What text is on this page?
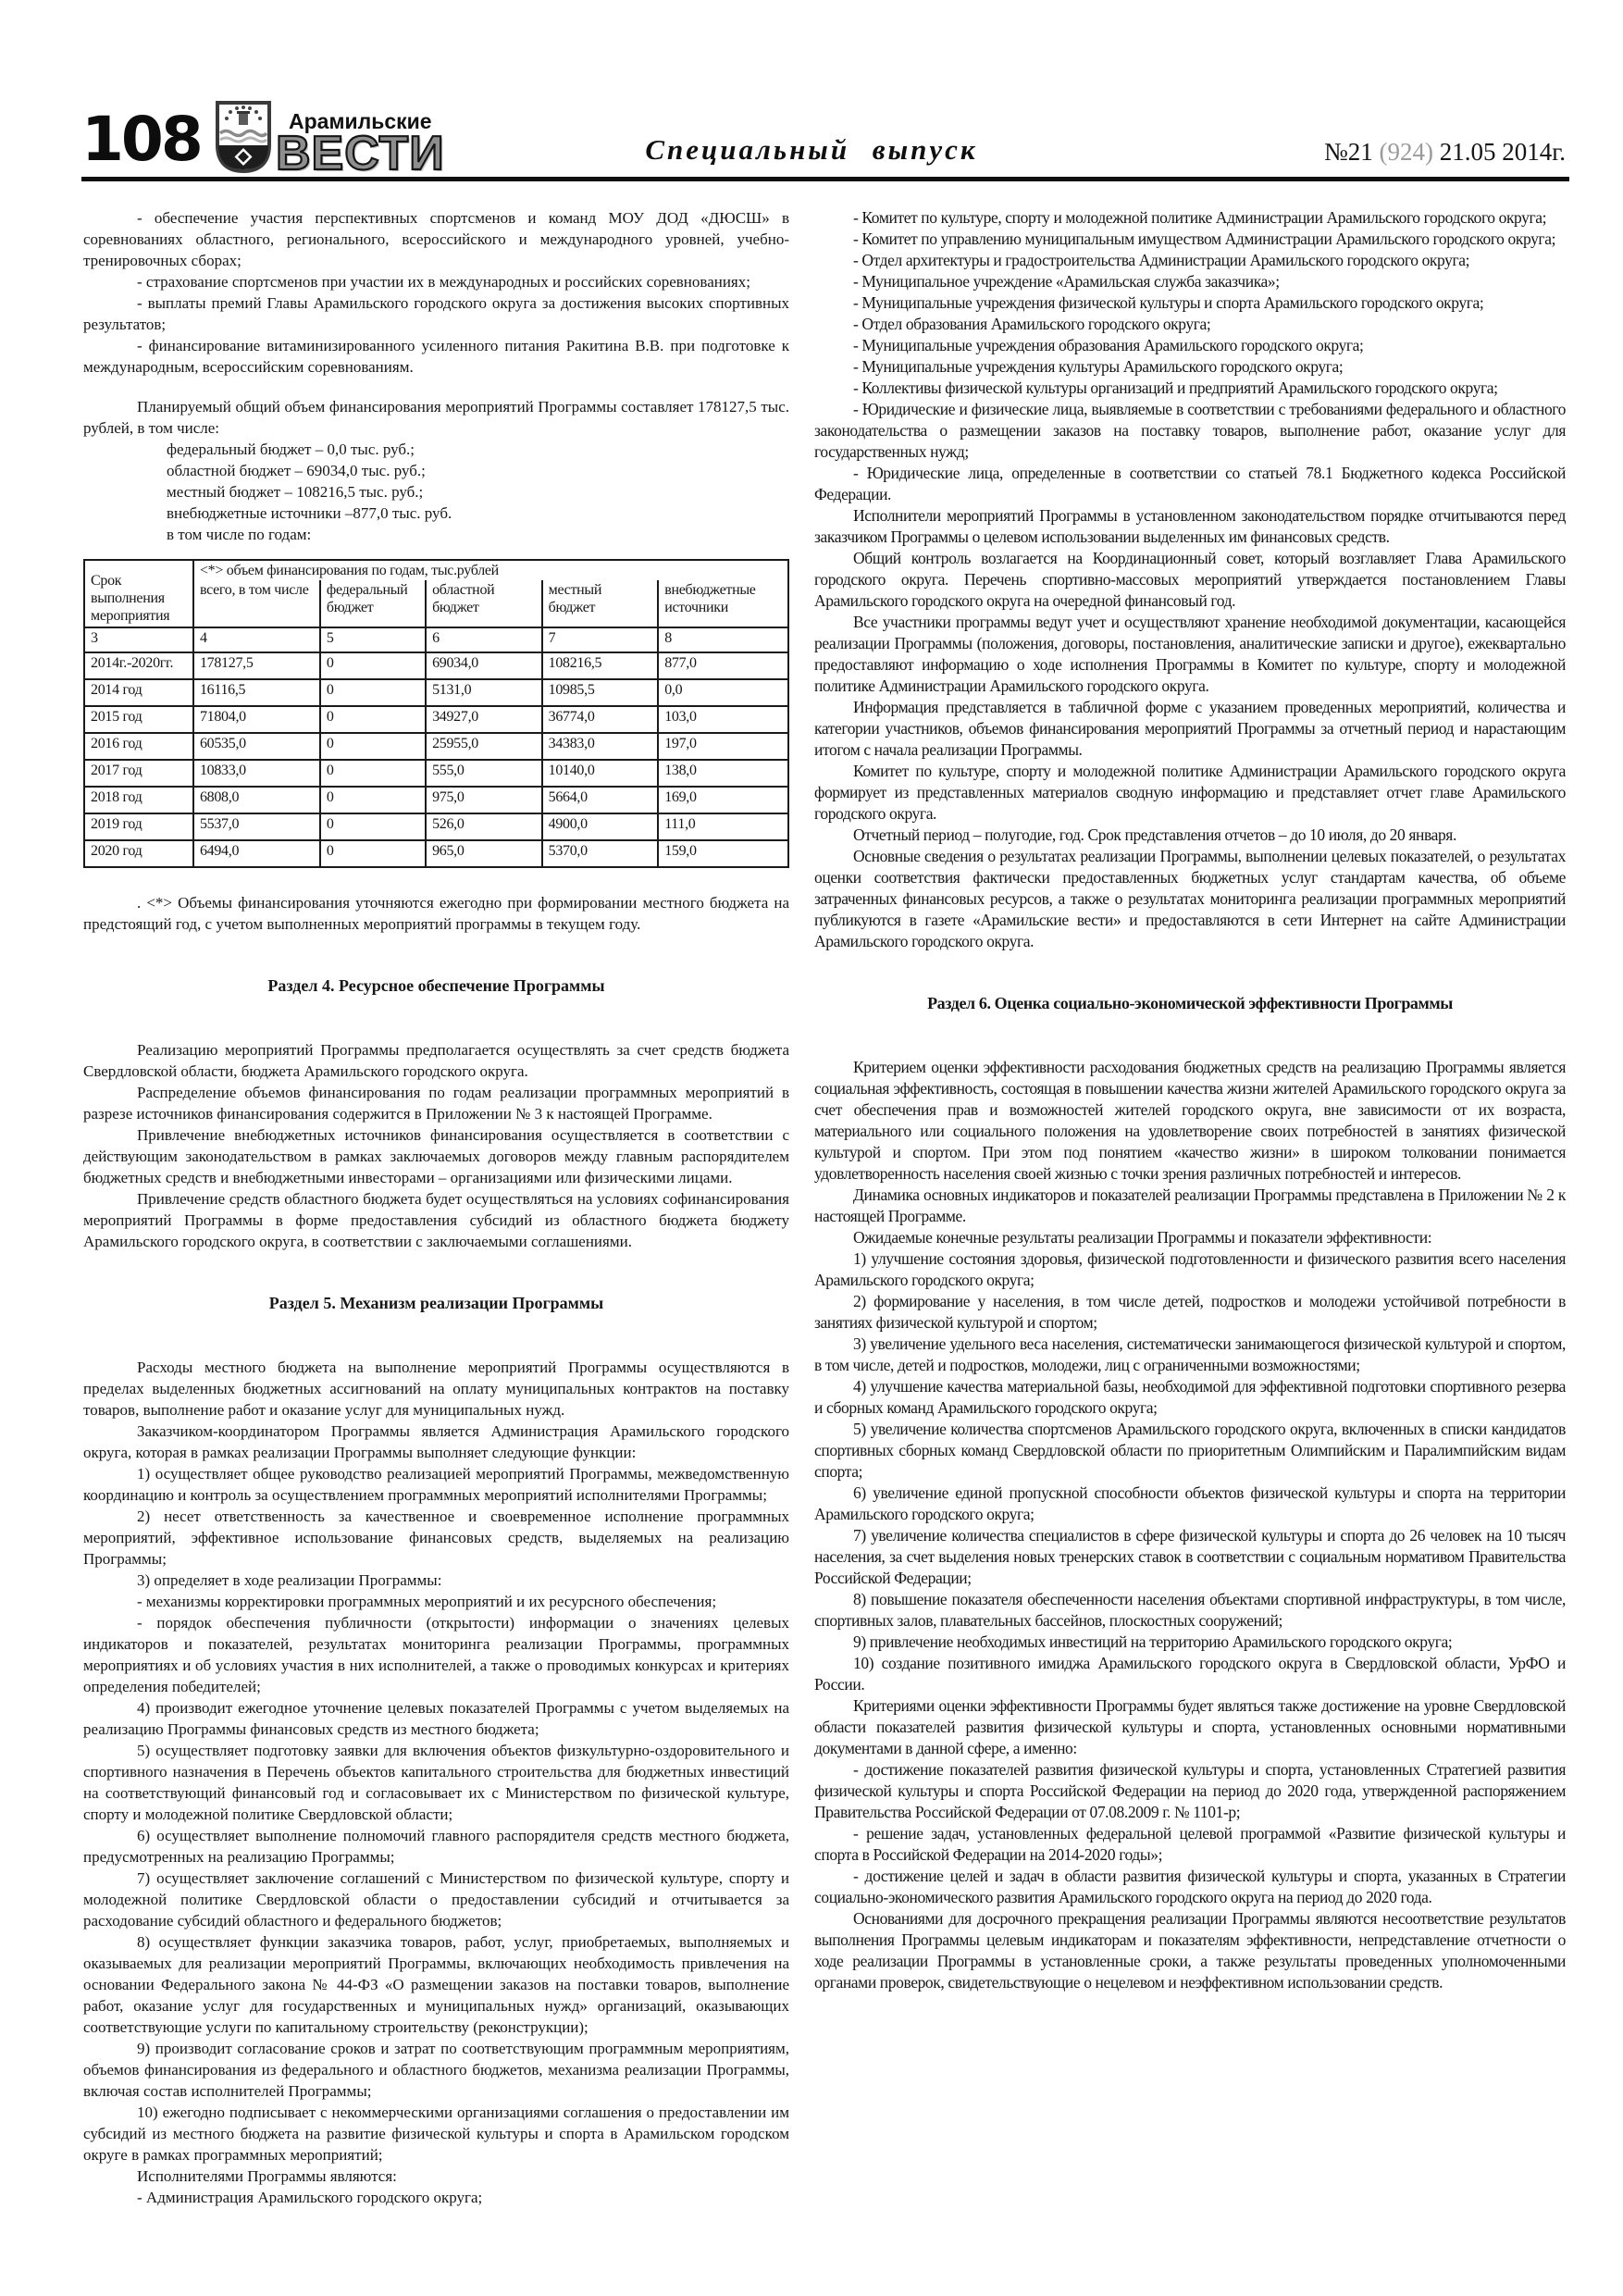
108	Арамильские
ВЕСТИ	Специальный выпуск	№21 (924) 21.05 2014г.

- обеспечение участия перспективных спортсменов и команд МОУ ДОД «ДЮСШ» в соревнованиях областного, регионального, всероссийского и международного уровней, учебно-тренировочных сборах;

- страхование спортсменов при участии их в международных и российских соревнованиях;

- выплаты премий Главы Арамильского городского округа за достижения высоких спортивных результатов;

- финансирование витаминизированного усиленного питания Ракитина В.В. при подготовке к международным, всероссийским соревнованиям.

Планируемый общий объем финансирования мероприятий Программы составляет 178127,5 тыс. рублей, в том числе:

федеральный бюджет – 0,0 тыс. руб.;

областной бюджет – 69034,0 тыс. руб.;

местный бюджет – 108216,5 тыс. руб.;

внебюджетные источники –877,0 тыс. руб.

в том числе по годам:

Срок выполнения мероприятия	<*> объем финансирования по годам, тыс.рублей				
	всего, в том числе	федеральный бюджет	областной бюджет	местный бюджет	внебюджетные источники
3	4	5	6	7	8
2014г.-2020гг.	178127,5	0	69034,0	108216,5	877,0
2014 год	16116,5	0	5131,0	10985,5	0,0
2015 год	71804,0	0	34927,0	36774,0	103,0
2016 год	60535,0	0	25955,0	34383,0	197,0
2017 год	10833,0	0	555,0	10140,0	138,0
2018 год	6808,0	0	975,0	5664,0	169,0
2019 год	5537,0	0	526,0	4900,0	111,0
2020 год	6494,0	0	965,0	5370,0	159,0

. <*> Объемы финансирования уточняются ежегодно при формировании местного бюджета на предстоящий год, с учетом выполненных мероприятий программы в текущем году.

Раздел 4. Ресурсное обеспечение Программы

Реализацию мероприятий Программы предполагается осуществлять за счет средств бюджета Свердловской области, бюджета Арамильского городского округа.

Распределение объемов финансирования по годам реализации программных мероприятий в разрезе источников финансирования содержится в Приложении № 3 к настоящей Программе.

Привлечение внебюджетных источников финансирования осуществляется в соответствии с действующим законодательством в рамках заключаемых договоров между главным распорядителем бюджетных средств и внебюджетными инвесторами – организациями или физическими лицами.

Привлечение средств областного бюджета будет осуществляться на условиях софинансирования мероприятий Программы в форме предоставления субсидий из областного бюджета бюджету Арамильского городского округа, в соответствии с заключаемыми соглашениями.

Раздел 5. Механизм реализации Программы

Расходы местного бюджета на выполнение мероприятий Программы осуществляются в пределах выделенных бюджетных ассигнований на оплату муниципальных контрактов на поставку товаров, выполнение работ и оказание услуг для муниципальных нужд.

Заказчиком-координатором Программы является Администрация Арамильского городского округа, которая в рамках реализации Программы выполняет следующие функции:

1) осуществляет общее руководство реализацией мероприятий Программы, межведомственную координацию и контроль за осуществлением программных мероприятий исполнителями Программы;

2) несет ответственность за качественное и своевременное исполнение программных мероприятий, эффективное использование финансовых средств, выделяемых на реализацию Программы;

3) определяет в ходе реализации Программы:

- механизмы корректировки программных мероприятий и их ресурсного обеспечения;

- порядок обеспечения публичности (открытости) информации о значениях целевых индикаторов и показателей, результатах мониторинга реализации Программы, программных мероприятиях и об условиях участия в них исполнителей, а также о проводимых конкурсах и критериях определения победителей;

4) производит ежегодное уточнение целевых показателей Программы с учетом выделяемых на реализацию Программы финансовых средств из местного бюджета;

5) осуществляет подготовку заявки для включения объектов физкультурно-оздоровительного и спортивного назначения в Перечень объектов капитального строительства для бюджетных инвестиций на соответствующий финансовый год и согласовывает их с Министерством по физической культуре, спорту и молодежной политике Свердловской области;

6) осуществляет выполнение полномочий главного распорядителя средств местного бюджета, предусмотренных на реализацию Программы;

7) осуществляет заключение соглашений с Министерством по физической культуре, спорту и молодежной политике Свердловской области о предоставлении субсидий и отчитывается за расходование субсидий областного и федерального бюджетов;

8) осуществляет функции заказчика товаров, работ, услуг, приобретаемых, выполняемых и оказываемых для реализации мероприятий Программы, включающих необходимость привлечения на основании Федерального закона № 44-ФЗ «О размещении заказов на поставки товаров, выполнение работ, оказание услуг для государственных и муниципальных нужд» организаций, оказывающих соответствующие услуги по капитальному строительству (реконструкции);

9) производит согласование сроков и затрат по соответствующим программным мероприятиям, объемов финансирования из федерального и областного бюджетов, механизма реализации Программы, включая состав исполнителей Программы;

10) ежегодно подписывает с некоммерческими организациями соглашения о предоставлении им субсидий из местного бюджета на развитие физической культуры и спорта в Арамильском городском округе в рамках программных мероприятий;

Исполнителями Программы являются:

- Администрация Арамильского городского округа;

- Комитет по культуре, спорту и молодежной политике Администрации Арамильского городского округа;

- Комитет по управлению муниципальным имуществом Администрации Арамильского городского округа;

- Отдел архитектуры и градостроительства Администрации Арамильского городского округа;

- Муниципальное учреждение «Арамильская служба заказчика»;

- Муниципальные учреждения физической культуры и спорта Арамильского городского округа;

- Отдел образования Арамильского городского округа;

- Муниципальные учреждения образования Арамильского городского округа;

- Муниципальные учреждения культуры Арамильского городского округа;

- Коллективы физической культуры организаций и предприятий Арамильского городского округа;

- Юридические и физические лица, выявляемые в соответствии с требованиями федерального и областного законодательства о размещении заказов на поставку товаров, выполнение работ, оказание услуг для государственных нужд;

- Юридические лица, определенные в соответствии со статьей 78.1 Бюджетного кодекса Российской Федерации.

Исполнители мероприятий Программы в установленном законодательством порядке отчитываются перед заказчиком Программы о целевом использовании выделенных им финансовых средств.

Общий контроль возлагается на Координационный совет, который возглавляет Глава Арамильского городского округа. Перечень спортивно-массовых мероприятий утверждается постановлением Главы Арамильского городского округа на очередной финансовый год.

Все участники программы ведут учет и осуществляют хранение необходимой документации, касающейся реализации Программы (положения, договоры, постановления, аналитические записки и другое), ежеквартально предоставляют информацию о ходе исполнения Программы в Комитет по культуре, спорту и молодежной политике Администрации Арамильского городского округа.

Информация представляется в табличной форме с указанием проведенных мероприятий, количества и категории участников, объемов финансирования мероприятий Программы за отчетный период и нарастающим итогом с начала реализации Программы.

Комитет по культуре, спорту и молодежной политике Администрации Арамильского городского округа формирует из представленных материалов сводную информацию и представляет отчет главе Арамильского городского округа.

Отчетный период – полугодие, год. Срок представления отчетов – до 10 июля, до 20 января.

Основные сведения о результатах реализации Программы, выполнении целевых показателей, о результатах оценки соответствия фактически предоставленных бюджетных услуг стандартам качества, об объеме затраченных финансовых ресурсов, а также о результатах мониторинга реализации программных мероприятий публикуются в газете «Арамильские вести» и предоставляются в сети Интернет на сайте Администрации Арамильского городского округа.

Раздел 6. Оценка социально-экономической эффективности Программы

Критерием оценки эффективности расходования бюджетных средств на реализацию Программы является социальная эффективность, состоящая в повышении качества жизни жителей Арамильского городского округа за счет обеспечения прав и возможностей жителей городского округа, вне зависимости от их возраста, материального или социального положения на удовлетворение своих потребностей в занятиях физической культурой и спортом. При этом под понятием «качество жизни» в широком толковании понимается удовлетворенность населения своей жизнью с точки зрения различных потребностей и интересов.

Динамика основных индикаторов и показателей реализации Программы представлена в Приложении № 2 к настоящей Программе.

Ожидаемые конечные результаты реализации Программы и показатели эффективности:

1) улучшение состояния здоровья, физической подготовленности и физического развития всего населения Арамильского городского округа;

2) формирование у населения, в том числе детей, подростков и молодежи устойчивой потребности в занятиях физической культурой и спортом;

3) увеличение удельного веса населения, систематически занимающегося физической культурой и спортом, в том числе, детей и подростков, молодежи, лиц с ограниченными возможностями;

4) улучшение качества материальной базы, необходимой для эффективной подготовки спортивного резерва и сборных команд Арамильского городского округа;

5) увеличение количества спортсменов Арамильского городского округа, включенных в списки кандидатов спортивных сборных команд Свердловской области по приоритетным Олимпийским и Паралимпийским видам спорта;

6) увеличение единой пропускной способности объектов физической культуры и спорта на территории Арамильского городского округа;

7) увеличение количества специалистов в сфере физической культуры и спорта до 26 человек на 10 тысяч населения, за счет выделения новых тренерских ставок в соответствии с социальным нормативом Правительства Российской Федерации;

8) повышение показателя обеспеченности населения объектами спортивной инфраструктуры, в том числе, спортивных залов, плавательных бассейнов, плоскостных сооружений;

9) привлечение необходимых инвестиций на территорию Арамильского городского округа;

10) создание позитивного имиджа Арамильского городского округа в Свердловской области, УрФО и России.

Критериями оценки эффективности Программы будет являться также достижение на уровне Свердловской области показателей развития физической культуры и спорта, установленных основными нормативными документами в данной сфере, а именно:

- достижение показателей развития физической культуры и спорта, установленных Стратегией развития физической культуры и спорта Российской Федерации на период до 2020 года, утвержденной распоряжением Правительства Российской Федерации от 07.08.2009 г. № 1101-р;

- решение задач, установленных федеральной целевой программой «Развитие физической культуры и спорта в Российской Федерации на 2014-2020 годы»;

- достижение целей и задач в области развития физической культуры и спорта, указанных в Стратегии социально-экономического развития Арамильского городского округа на период до 2020 года.

Основаниями для досрочного прекращения реализации Программы являются несоответствие результатов выполнения Программы целевым индикаторам и показателям эффективности, непредставление отчетности о ходе реализации Программы в установленные сроки, а также результаты проведенных уполномоченными органами проверок, свидетельствующие о нецелевом и неэффективном использовании средств.
